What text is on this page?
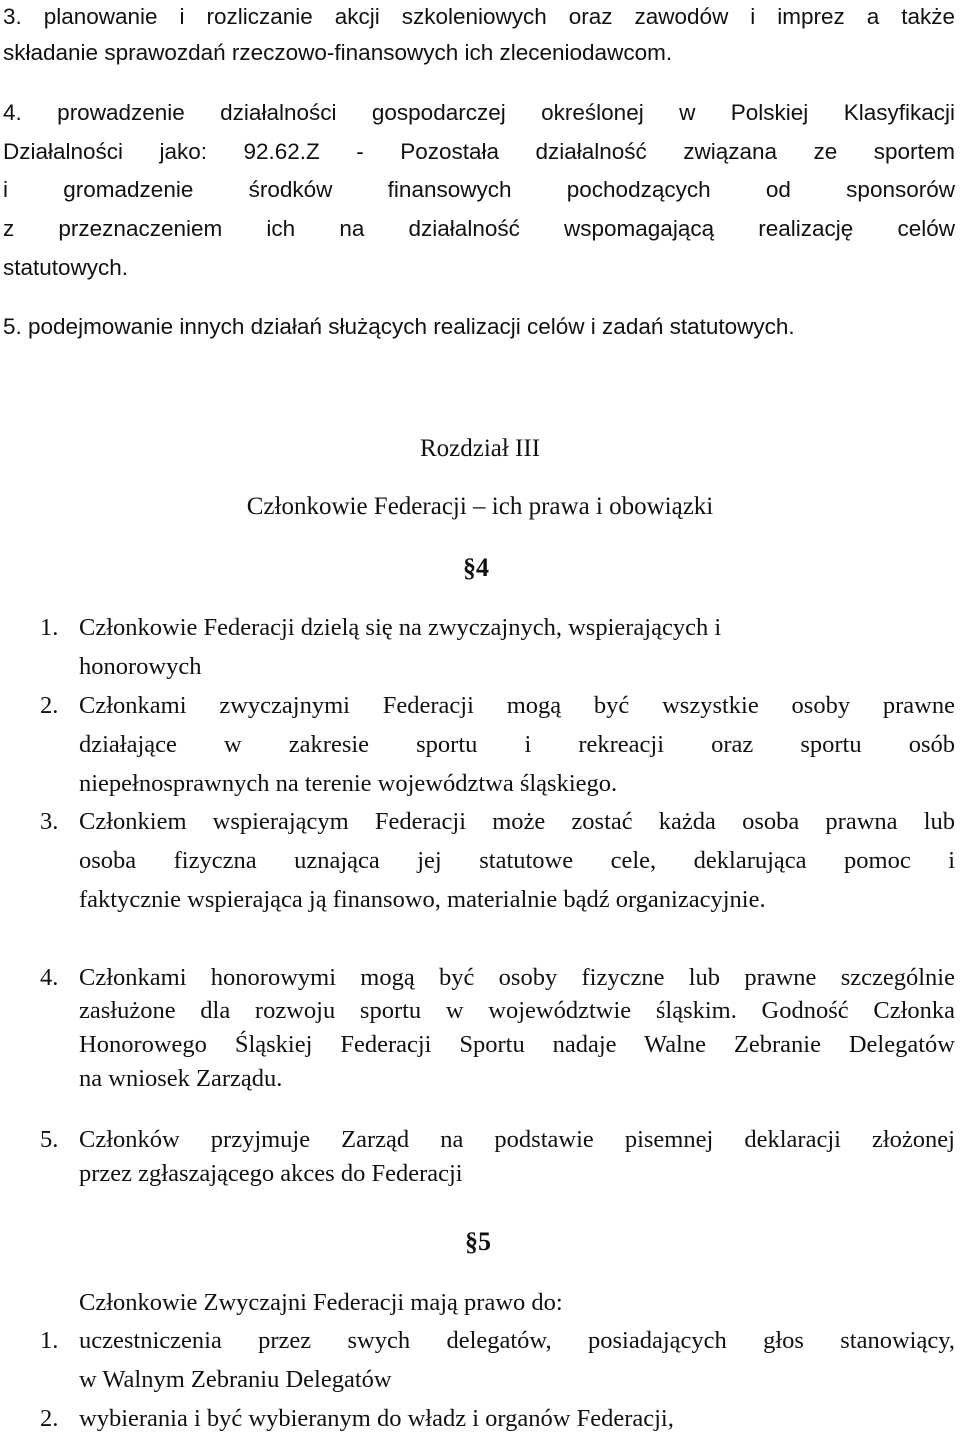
3. planowanie i rozliczanie akcji szkoleniowych oraz zawodów i imprez a także
składanie sprawozdań rzeczowo-finansowych ich zleceniodawcom.
4. prowadzenie działalności gospodarczej określonej w Polskiej Klasyfikacji
Działalności jako: 92.62.Z - Pozostała działalność związana ze sportem
i gromadzenie środków finansowych pochodzących od sponsorów
z przeznaczeniem ich na działalność wspomagającą realizację celów
statutowych.
5. podejmowanie innych działań służących realizacji celów i zadań statutowych.
Rozdział III
Członkowie Federacji – ich prawa i obowiązki
§4
1. Członkowie Federacji dzielą się na zwyczajnych, wspierających i
honorowych
2. Członkami zwyczajnymi Federacji mogą być wszystkie osoby prawne
działające w zakresie sportu i rekreacji oraz sportu osób
niepełnosprawnych na terenie województwa śląskiego.
3. Członkiem wspierającym Federacji może zostać każda osoba prawna lub
osoba fizyczna uznająca jej statutowe cele, deklarująca pomoc i
faktycznie wspierająca ją finansowo, materialnie bądź organizacyjnie.
4. Członkami honorowymi mogą być osoby fizyczne lub prawne szczególnie
zasłużone dla rozwoju sportu w województwie śląskim. Godność Członka
Honorowego Śląskiej Federacji Sportu nadaje Walne Zebranie Delegatów
na wniosek Zarządu.
5. Członków przyjmuje Zarząd na podstawie pisemnej deklaracji złożonej
przez zgłaszającego akces do Federacji
§5
Członkowie Zwyczajni Federacji mają prawo do:
1. uczestniczenia przez swych delegatów, posiadających głos stanowiący,
w Walnym Zebraniu Delegatów
2. wybierania i być wybieranym do władz i organów Federacji,
